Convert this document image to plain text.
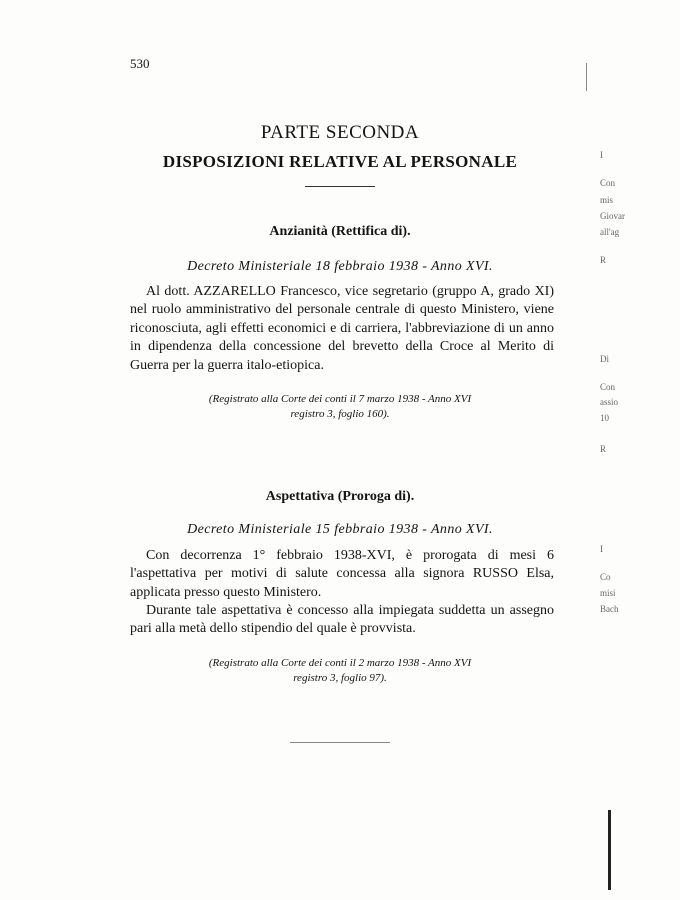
530
PARTE SECONDA
DISPOSIZIONI RELATIVE AL PERSONALE
Anzianità (Rettifica di).
Decreto Ministeriale 18 febbraio 1938 - Anno XVI.

Al dott. AZZARELLO Francesco, vice segretario (gruppo A, grado XI) nel ruolo amministrativo del personale centrale di questo Ministero, viene riconosciuta, agli effetti economici e di carriera, l'abbreviazione di un anno in dipendenza della concessione del brevetto della Croce al Merito di Guerra per la guerra italo-etiopica.

(Registrato alla Corte dei conti il 7 marzo 1938 - Anno XVI
registro 3, foglio 160).
Aspettativa (Proroga di).
Decreto Ministeriale 15 febbraio 1938 - Anno XVI.

Con decorrenza 1° febbraio 1938-XVI, è prorogata di mesi 6 l'aspettativa per motivi di salute concessa alla signora RUSSO Elsa, applicata presso questo Ministero.

Durante tale aspettativa è concesso alla impiegata suddetta un assegno pari alla metà dello stipendio del quale è provvista.

(Registrato alla Corte dei conti il 2 marzo 1938 - Anno XVI
registro 3, foglio 97).
I
Con
mis
Giovar
all'ag
R
Di
Con
assio
10
R
I
Co
misi
Bach
